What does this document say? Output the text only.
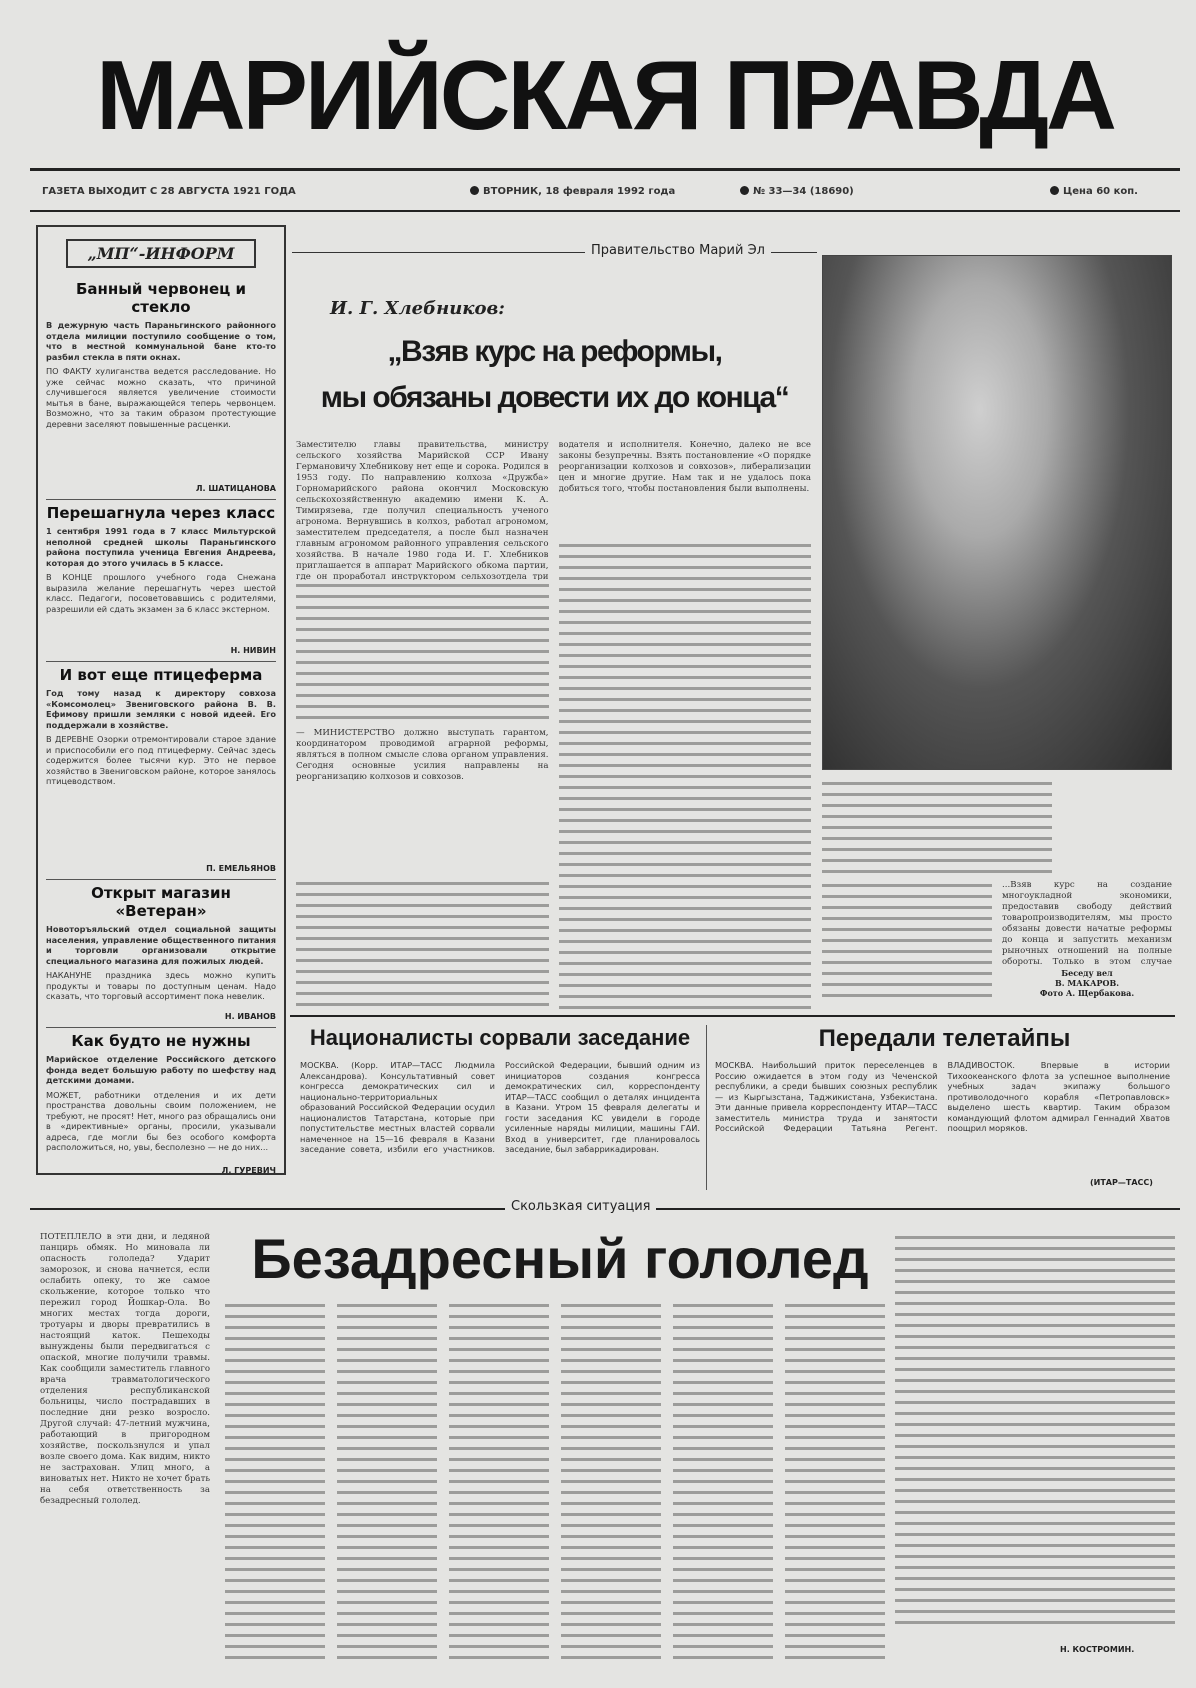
МАРИЙСКАЯ ПРАВДА
ГАЗЕТА ВЫХОДИТ С 28 АВГУСТА 1921 ГОДА	ВТОРНИК, 18 февраля 1992 года	№ 33—34 (18690)	Цена 60 коп.
„МП“-ИНФОРМ
Банный червонец и стекло
В дежурную часть Параньгинского районного отдела милиции поступило сообщение о том, что в местной коммунальной бане кто-то разбил стекла в пяти окнах.
ПО ФАКТУ хулиганства ведется расследование. Но уже сейчас можно сказать, что причиной случившегося является увеличение стоимости мытья в бане, выражающейся теперь червонцем. Возможно, что за таким образом протестующие деревни заселяют повышенные расценки.
Л. ШАТИЦАНОВА
Перешагнула через класс
1 сентября 1991 года в 7 класс Мильтурской неполной средней школы Параньгинского района поступила ученица Евгения Андреева, которая до этого училась в 5 классе.
В КОНЦЕ прошлого учебного года Снежана выразила желание перешагнуть через шестой класс. Педагоги, посоветовавшись с родителями, разрешили ей сдать экзамен за 6 класс экстерном.
Н. НИВИН
И вот еще птицеферма
Год тому назад к директору совхоза «Комсомолец» Звениговского района В. В. Ефимову пришли земляки с новой идеей. Его поддержали в хозяйстве.
В ДЕРЕВНЕ Озорки отремонтировали старое здание и приспособили его под птицеферму. Сейчас здесь содержится более тысячи кур. Это не первое хозяйство в Звениговском районе, которое занялось птицеводством.
П. ЕМЕЛЬЯНОВ
Открыт магазин «Ветеран»
Новоторъяльский отдел социальной защиты населения, управление общественного питания и торговли организовали открытие специального магазина для пожилых людей.
НАКАНУНЕ праздника здесь можно купить продукты и товары по доступным ценам. Надо сказать, что торговый ассортимент пока невелик.
Н. ИВАНОВ
Как будто не нужны
Марийское отделение Российского детского фонда ведет большую работу по шефству над детскими домами.
МОЖЕТ, работники отделения и их дети пространства довольны своим положением, не требуют, не просят! Нет, много раз обращались они в «директивные» органы, просили, указывали адреса, где могли бы без особого комфорта расположиться, но, увы, бесполезно — не до них...
Л. ГУРЕВИЧ
Правительство Марий Эл
И. Г. Хлебников:
„Взяв курс на реформы,
мы обязаны довести их до конца“
Заместителю главы правительства, министру сельского хозяйства Марийской ССР Ивану Германовичу Хлебникову нет еще и сорока. Родился в 1953 году. По направлению колхоза «Дружба» Горномарийского района окончил Московскую сельскохозяйственную академию имени К. А. Тимирязева, где получил специальность ученого агронома. Вернувшись в колхоз, работал агрономом, заместителем председателя, а после был назначен главным агрономом районного управления сельского хозяйства. В начале 1980 года И. Г. Хлебников приглашается в аппарат Марийского обкома партии, где он проработал инструктором сельхозотдела три
— МИНИСТЕРСТВО должно выступать гарантом, координатором проводимой аграрной реформы, являться в полном смысле слова органом управления. Сегодня основные усилия направлены на реорганизацию колхозов и совхозов.
водателя и исполнителя. Конечно, далеко не все законы безупречны. Взять постановление «О порядке реорганизации колхозов и совхозов», либерализации цен и многие другие. Нам так и не удалось пока добиться того, чтобы постановления были выполнены.
...Взяв курс на создание многоукладной экономики, предоставив свободу действий товаропроизводителям, мы просто обязаны довести начатые реформы до конца и запустить механизм рыночных отношений на полные обороты. Только в этом случае
Беседу вел
В. МАКАРОВ.
Фото А. Щербакова.
Националисты сорвали заседание
МОСКВА. (Корр. ИТАР—ТАСС Людмила Александрова). Консультативный совет конгресса демократических сил и национально-территориальных образований Российской Федерации осудил националистов Татарстана, которые при попустительстве местных властей сорвали намеченное на 15—16 февраля в Казани заседание совета, избили его участников. Российской Федерации, бывший одним из инициаторов создания конгресса демократических сил, корреспонденту ИТАР—ТАСС сообщил о деталях инцидента в Казани. Утром 15 февраля делегаты и гости заседания КС увидели в городе усиленные наряды милиции, машины ГАИ. Вход в университет, где планировалось заседание, был забаррикадирован.
Передали телетайпы
МОСКВА. Наибольший приток переселенцев в Россию ожидается в этом году из Чеченской республики, а среди бывших союзных республик — из Кыргызстана, Таджикистана, Узбекистана. Эти данные привела корреспонденту ИТАР—ТАСС заместитель министра труда и занятости Российской Федерации Татьяна Регент. ВЛАДИВОСТОК. Впервые в истории Тихоокеанского флота за успешное выполнение учебных задач экипажу большого противолодочного корабля «Петропавловск» выделено шесть квартир. Таким образом командующий флотом адмирал Геннадий Хватов поощрил моряков.
(ИТАР—ТАСС)
Скользкая ситуация
Безадресный гололед
ПОТЕПЛЕЛО в эти дни, и ледяной панцирь обмяк. Но миновала ли опасность гололеда? Ударит заморозок, и снова начнется, если ослабить опеку, то же самое скольжение, которое только что пережил город Йошкар-Ола. Во многих местах тогда дороги, тротуары и дворы превратились в настоящий каток. Пешеходы вынуждены были передвигаться с опаской, многие получили травмы. Как сообщили заместитель главного врача травматологического отделения республиканской больницы, число пострадавших в последние дни резко возросло. Другой случай: 47-летний мужчина, работающий в пригородном хозяйстве, поскользнулся и упал возле своего дома. Как видим, никто не застрахован. Улиц много, а виноватых нет. Никто не хочет брать на себя ответственность за безадресный гололед.
Н. КОСТРОМИН.
